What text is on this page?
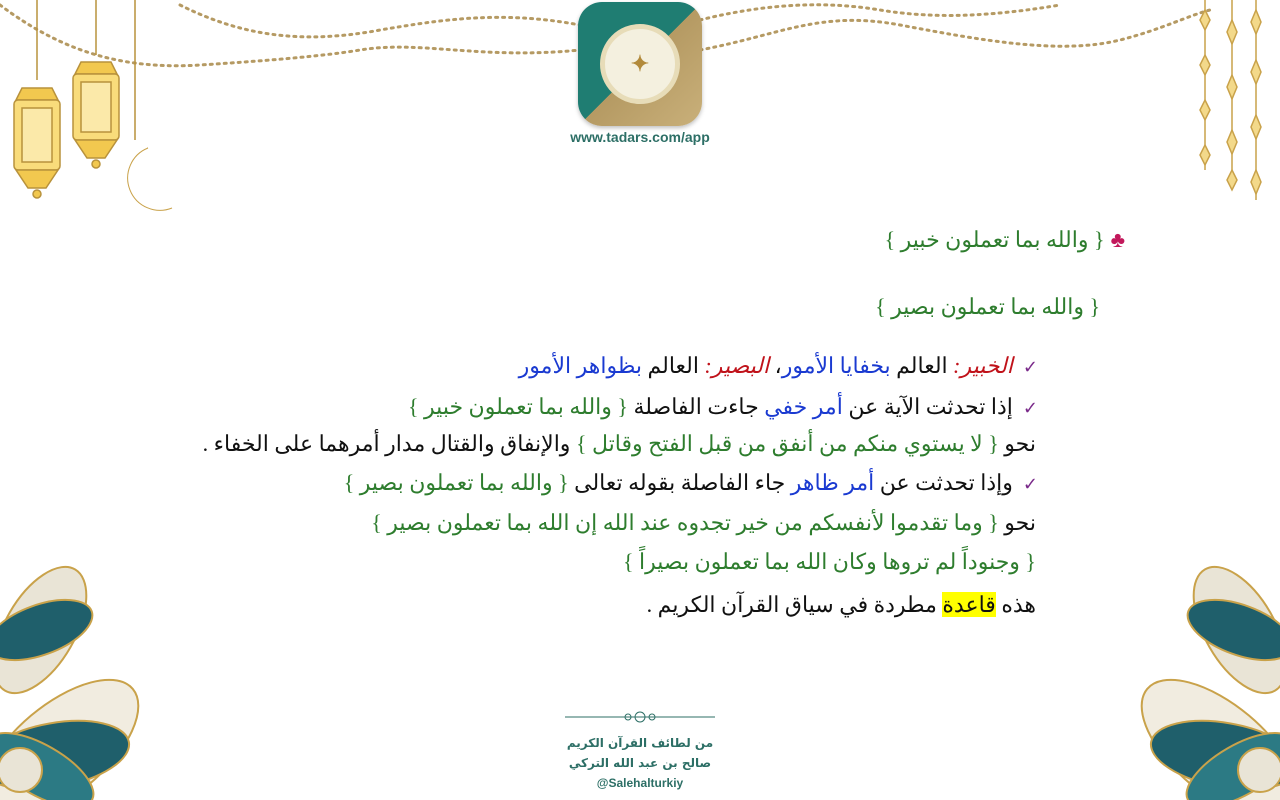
✦
www.tadars.com/app
♣{ والله بما تعملون خبير }
{ والله بما تعملون بصير }
✓الخبير: العالم بخفايا الأمور، البصير: العالم بظواهر الأمور
✓إذا تحدثت الآية عن أمر خفي جاءت الفاصلة { والله بما تعملون خبير }
نحو { لا يستوي منكم من أنفق من قبل الفتح وقاتل } والإنفاق والقتال مدار أمرهما على الخفاء .
✓وإذا تحدثت عن أمر ظاهر جاء الفاصلة بقوله تعالى { والله بما تعملون بصير }
نحو { وما تقدموا لأنفسكم من خير تجدوه عند الله إن الله بما تعملون بصير }
{ وجنوداً لم تروها وكان الله بما تعملون بصيراً }
هذه قاعدة مطردة في سياق القرآن الكريم .
من لطائف القرآن الكريم
صالح بن عبد الله التركي
@Salehalturkiy
